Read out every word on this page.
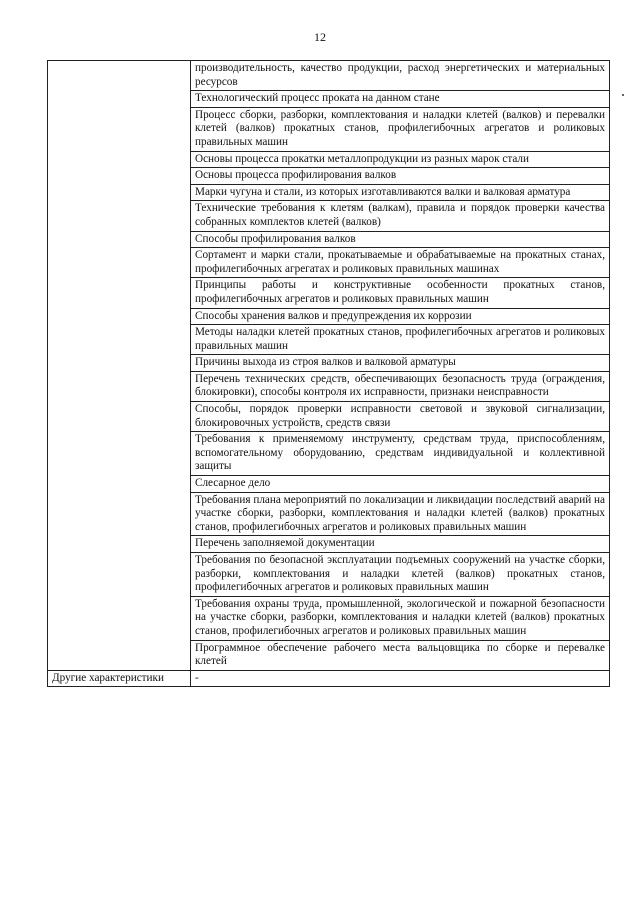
12
	производительность, качество продукции, расход энергетических и материальных ресурсов
	Технологический процесс проката на данном стане
	Процесс сборки, разборки, комплектования и наладки клетей (валков) и перевалки клетей (валков) прокатных станов, профилегибочных агрегатов и роликовых правильных машин
	Основы процесса прокатки металлопродукции из разных марок стали
	Основы процесса профилирования валков
	Марки чугуна и стали, из которых изготавливаются валки и валковая арматура
	Технические требования к клетям (валкам), правила и порядок проверки качества собранных комплектов клетей (валков)
	Способы профилирования валков
	Сортамент и марки стали, прокатываемые и обрабатываемые на прокатных станах, профилегибочных агрегатах и роликовых правильных машинах
	Принципы работы и конструктивные особенности прокатных станов, профилегибочных агрегатов и роликовых правильных машин
	Способы хранения валков и предупреждения их коррозии
	Методы наладки клетей прокатных станов, профилегибочных агрегатов и роликовых правильных машин
	Причины выхода из строя валков и валковой арматуры
	Перечень технических средств, обеспечивающих безопасность труда (ограждения, блокировки), способы контроля их исправности, признаки неисправности
	Способы, порядок проверки исправности световой и звуковой сигнализации, блокировочных устройств, средств связи
	Требования к применяемому инструменту, средствам труда, приспособлениям, вспомогательному оборудованию, средствам индивидуальной и коллективной защиты
	Слесарное дело
	Требования плана мероприятий по локализации и ликвидации последствий аварий на участке сборки, разборки, комплектования и наладки клетей (валков) прокатных станов, профилегибочных агрегатов и роликовых правильных машин
	Перечень заполняемой документации
	Требования по безопасной эксплуатации подъемных сооружений на участке сборки, разборки, комплектования и наладки клетей (валков) прокатных станов, профилегибочных агрегатов и роликовых правильных машин
	Требования охраны труда, промышленной, экологической и пожарной безопасности на участке сборки, разборки, комплектования и наладки клетей (валков) прокатных станов, профилегибочных агрегатов и роликовых правильных машин
	Программное обеспечение рабочего места вальцовщика по сборке и перевалке клетей
Другие характеристики	-
